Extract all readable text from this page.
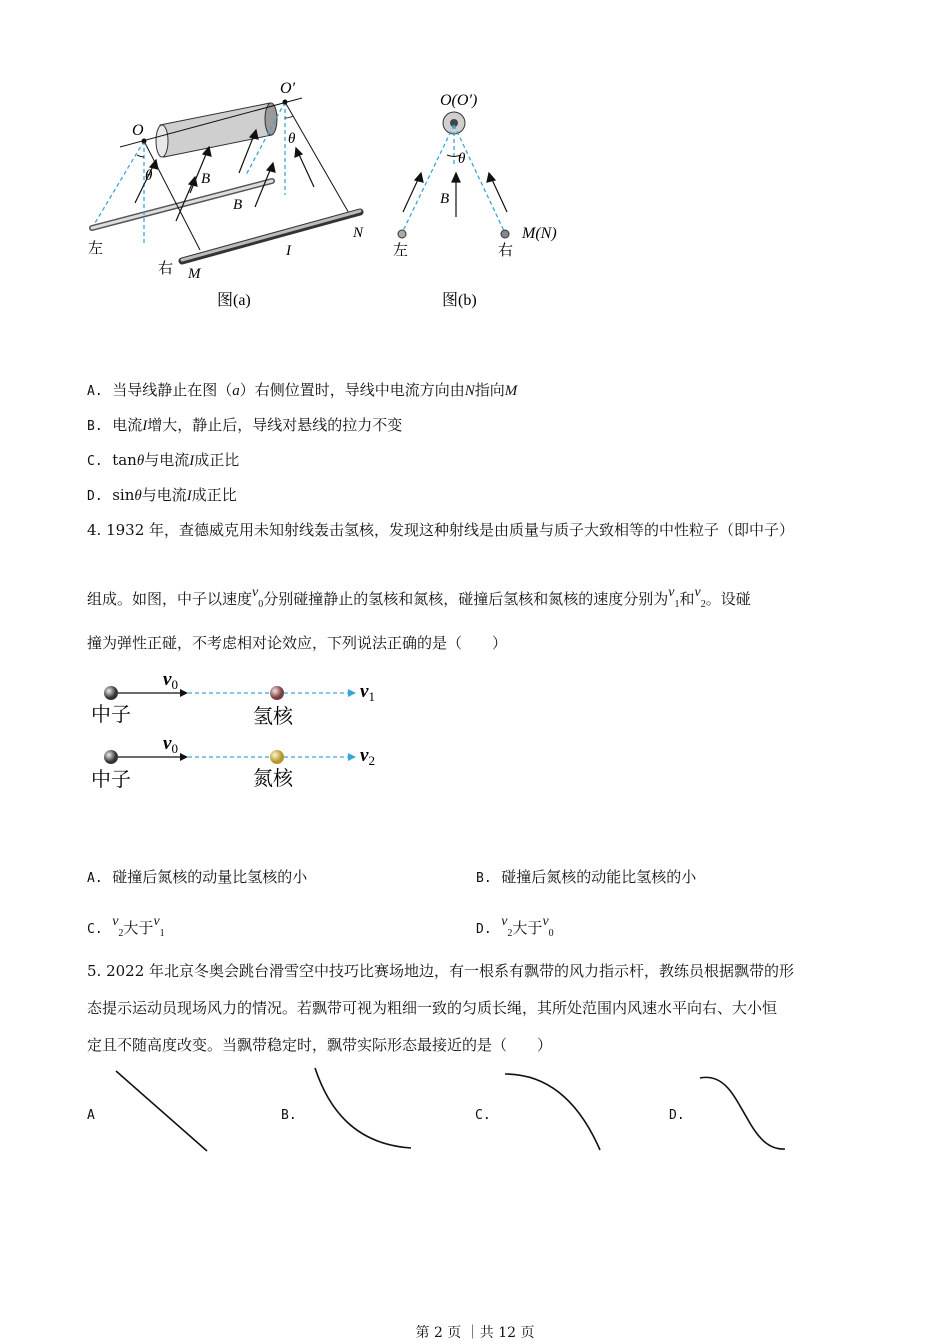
O
O′
θ
θ
B
B
I
N
M
左
右
图(a)
O(O′)
θ
B
左	右
M(N)
图(b)
A. 当导线静止在图（a）右侧位置时，导线中电流方向由N指向M
B. 电流I增大，静止后，导线对悬线的拉力不变
C. tanθ与电流I成正比
D. sinθ与电流I成正比
4. 1932 年，查德威克用未知射线轰击氢核，发现这种射线是由质量与质子大致相等的中性粒子（即中子）
组成。如图，中子以速度$v_0$分别碰撞静止的氢核和氮核，碰撞后氢核和氮核的速度分别为$v_1$和$v_2$。设碰
撞为弹性正碰，不考虑相对论效应，下列说法正确的是（　　）
中子	氢核
中子	氮核
$v_0$	$v_1$
$v_0$	$v_2$
A. 碰撞后氮核的动量比氢核的小	B. 碰撞后氮核的动能比氢核的小
C.  $v_2$大于$v_1$	D.  $v_2$大于$v_0$
5. 2022 年北京冬奥会跳台滑雪空中技巧比赛场地边，有一根系有飘带的风力指示杆，教练员根据飘带的形
态提示运动员现场风力的情况。若飘带可视为粗细一致的匀质长绳，其所处范围内风速水平向右、大小恒
定且不随高度改变。当飘带稳定时，飘带实际形态最接近的是（　　）
A	B.	C.	D.
第 2 页 ｜共 12 页
